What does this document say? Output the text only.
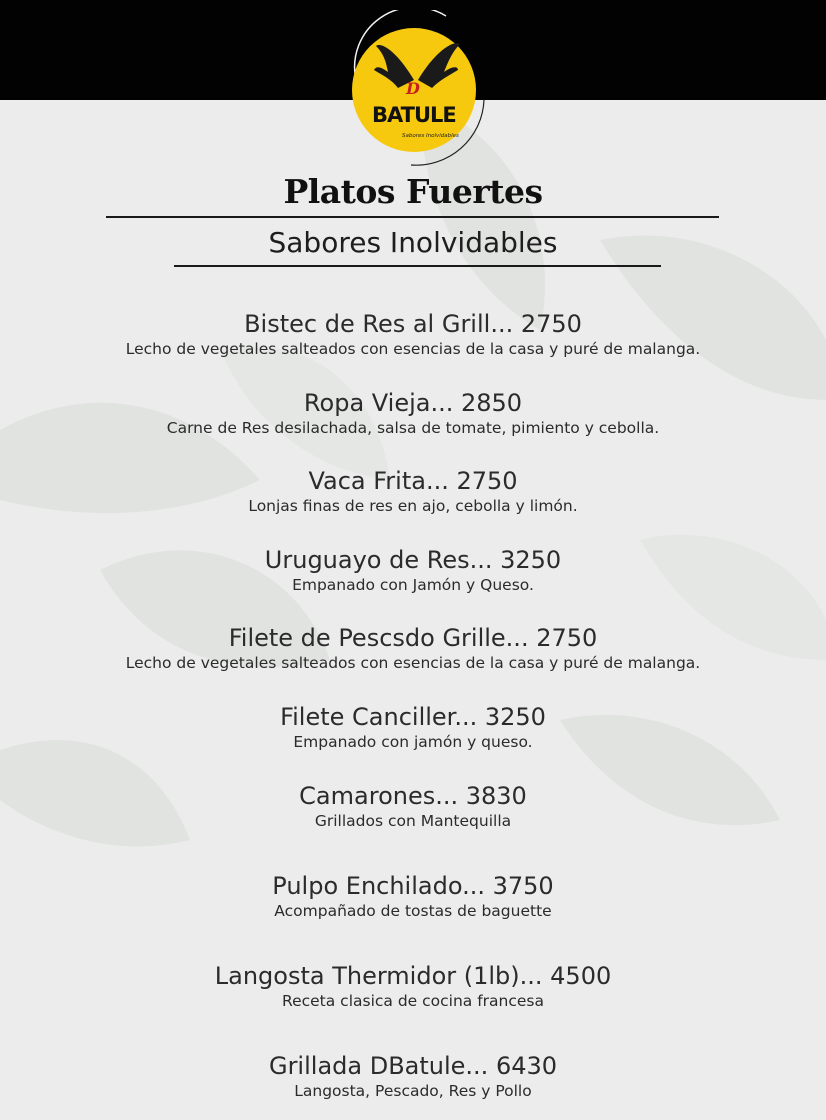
D
BATULE
Sabores Inolvidables
Platos Fuertes
Sabores Inolvidables
Bistec de Res al Grill... 2750
Lecho de vegetales salteados con esencias de la casa y puré de malanga.
Ropa Vieja... 2850
Carne de Res desilachada, salsa de tomate, pimiento y cebolla.
Vaca Frita... 2750
Lonjas finas de res en ajo, cebolla y limón.
Uruguayo de Res... 3250
Empanado con Jamón y Queso.
Filete de Pescsdo Grille... 2750
Lecho de vegetales salteados con esencias de la casa y puré de malanga.
Filete Canciller... 3250
Empanado con jamón y queso.
Camarones... 3830
Grillados con Mantequilla
Pulpo Enchilado... 3750
Acompañado de tostas de baguette
Langosta Thermidor (1lb)... 4500
Receta clasica de cocina francesa
Grillada DBatule... 6430
Langosta, Pescado, Res y Pollo
